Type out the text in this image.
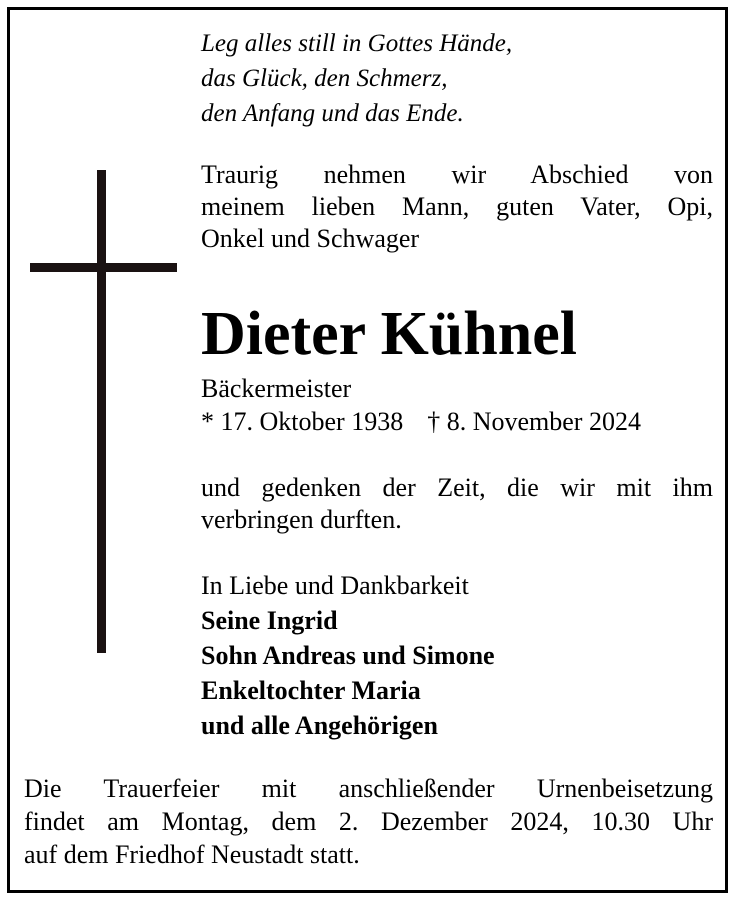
Leg alles still in Gottes Hände,
das Glück, den Schmerz,
den Anfang und das Ende.
Traurig nehmen wir Abschied von
meinem lieben Mann, guten Vater, Opi,
Onkel und Schwager
Dieter Kühnel
Bäckermeister
* 17. Oktober 1938 † 8. November 2024
und gedenken der Zeit, die wir mit ihm
verbringen durften.
In Liebe und Dankbarkeit
Seine Ingrid
Sohn Andreas und Simone
Enkeltochter Maria
und alle Angehörigen
Die Trauerfeier mit anschließender Urnenbeisetzung
findet am Montag, dem 2. Dezember 2024, 10.30 Uhr
auf dem Friedhof Neustadt statt.
